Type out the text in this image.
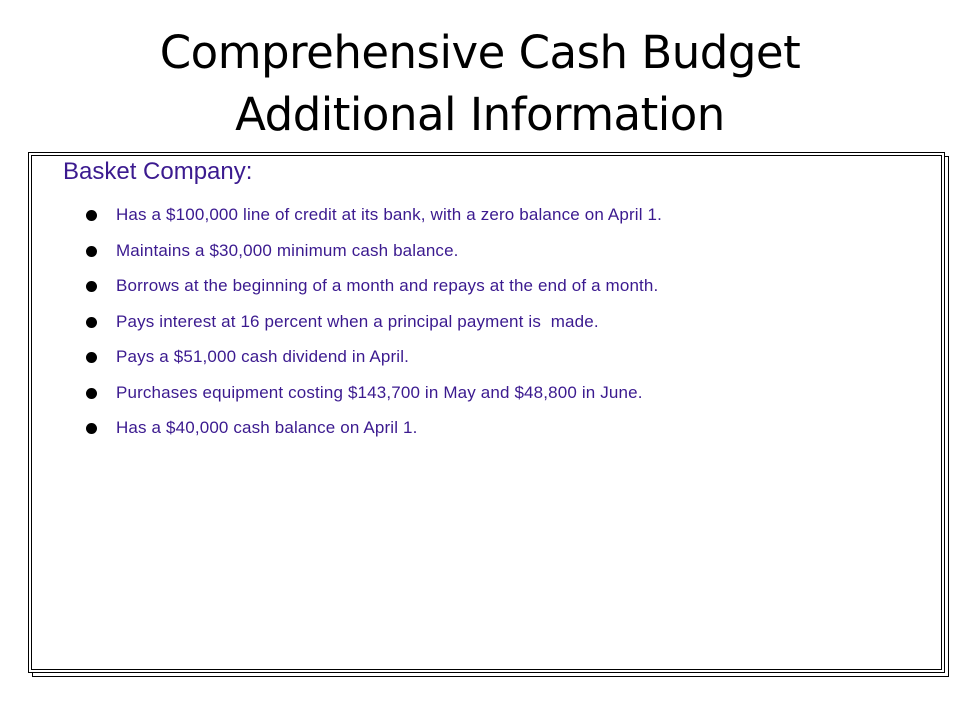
Comprehensive Cash Budget
Additional Information
Basket Company:
Has a $100,000 line of credit at its bank, with a zero balance on April 1.
Maintains a $30,000 minimum cash balance.
Borrows at the beginning of a month and repays at the end of a month.
Pays interest at 16 percent when a principal payment is  made.
Pays a $51,000 cash dividend in April.
Purchases equipment costing $143,700 in May and $48,800 in June.
Has a $40,000 cash balance on April 1.
